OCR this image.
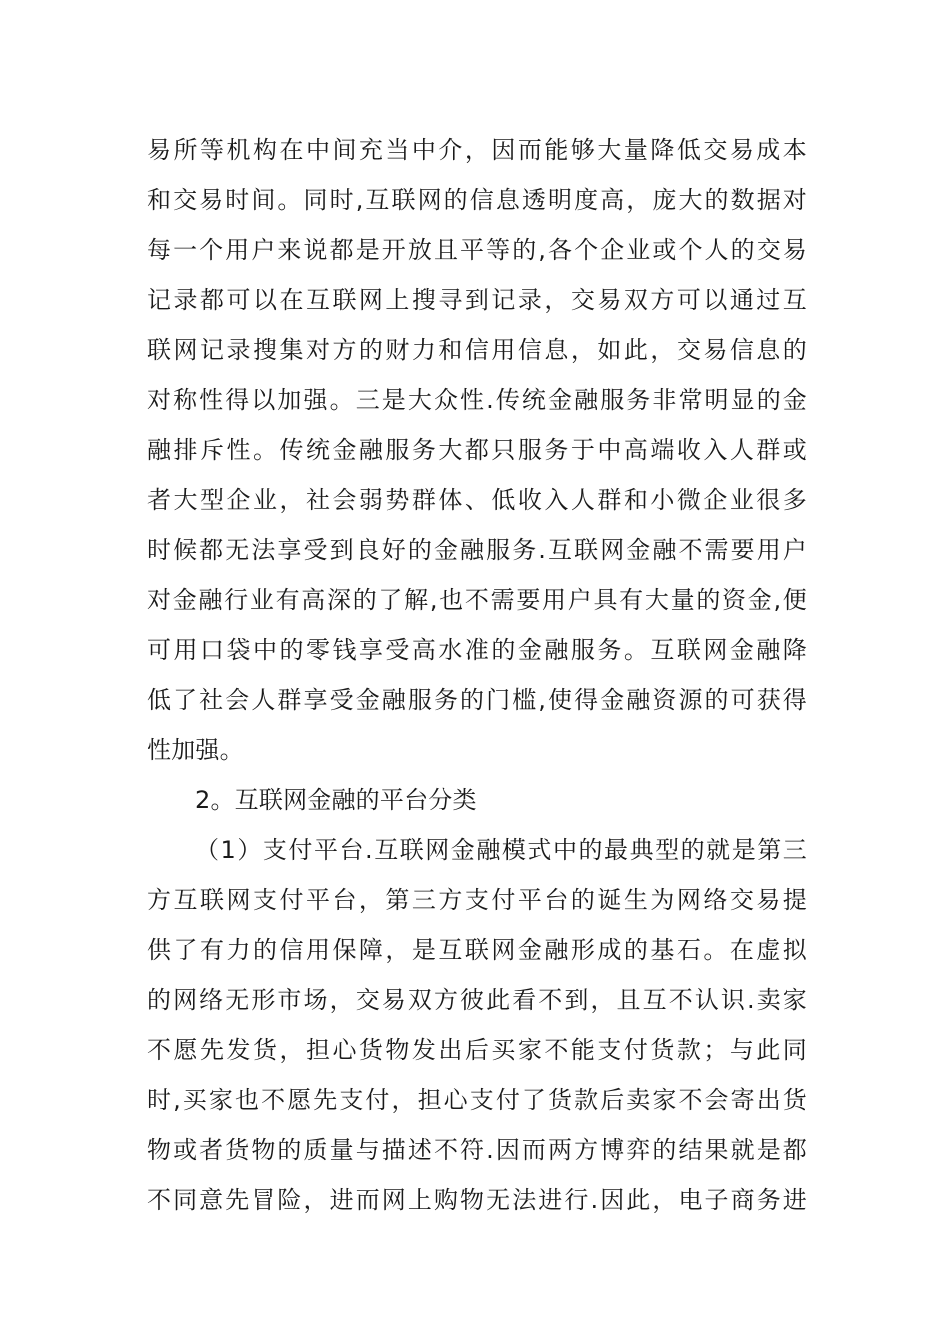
易所等机构在中间充当中介，因而能够大量降低交易成本
和交易时间。同时,互联网的信息透明度高，庞大的数据对
每一个用户来说都是开放且平等的,各个企业或个人的交易
记录都可以在互联网上搜寻到记录，交易双方可以通过互
联网记录搜集对方的财力和信用信息，如此，交易信息的
对称性得以加强。三是大众性.传统金融服务非常明显的金
融排斥性。传统金融服务大都只服务于中高端收入人群或
者大型企业，社会弱势群体、低收入人群和小微企业很多
时候都无法享受到良好的金融服务.互联网金融不需要用户
对金融行业有高深的了解,也不需要用户具有大量的资金,便
可用口袋中的零钱享受高水准的金融服务。互联网金融降
低了社会人群享受金融服务的门槛,使得金融资源的可获得
性加强。
2。互联网金融的平台分类
（1）支付平台.互联网金融模式中的最典型的就是第三
方互联网支付平台，第三方支付平台的诞生为网络交易提
供了有力的信用保障，是互联网金融形成的基石。在虚拟
的网络无形市场，交易双方彼此看不到，且互不认识.卖家
不愿先发货，担心货物发出后买家不能支付货款；与此同
时,买家也不愿先支付，担心支付了货款后卖家不会寄出货
物或者货物的质量与描述不符.因而两方博弈的结果就是都
不同意先冒险，进而网上购物无法进行.因此，电子商务进
